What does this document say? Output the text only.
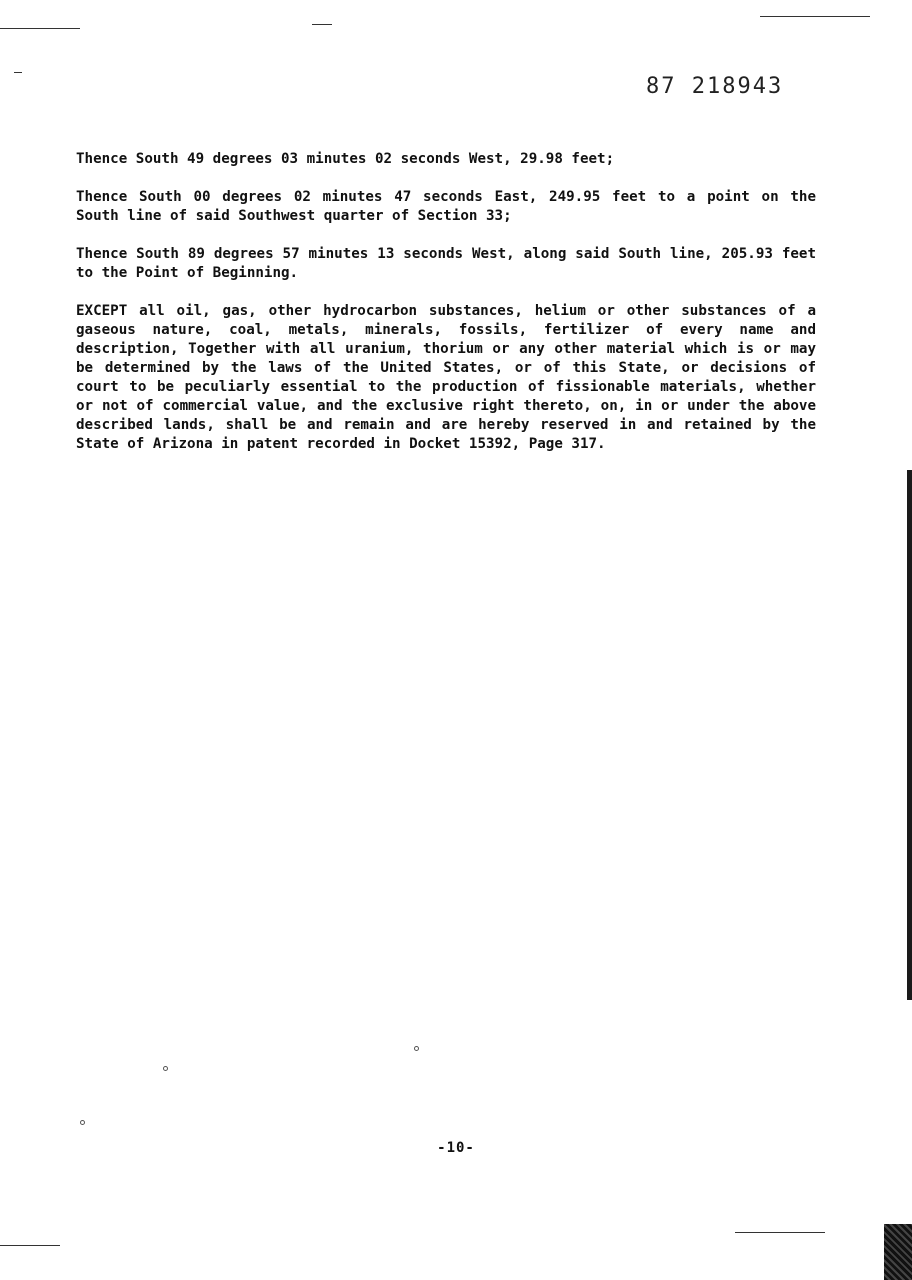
87 218943

Thence South 49 degrees 03 minutes 02 seconds West, 29.98 feet;

Thence South 00 degrees 02 minutes 47 seconds East, 249.95 feet to a point on the South line of said Southwest quarter of Section 33;

Thence South 89 degrees 57 minutes 13 seconds West, along said South line, 205.93 feet to the Point of Beginning.

EXCEPT all oil, gas, other hydrocarbon substances, helium or other substances of a gaseous nature, coal, metals, minerals, fossils, fertilizer of every name and description, Together with all uranium, thorium or any other material which is or may be determined by the laws of the United States, or of this State, or decisions of court to be peculiarly essential to the production of fissionable materials, whether or not of commercial value, and the exclusive right thereto, on, in or under the above described lands, shall be and remain and are hereby reserved in and retained by the State of Arizona in patent recorded in Docket 15392, Page 317.

-10-
